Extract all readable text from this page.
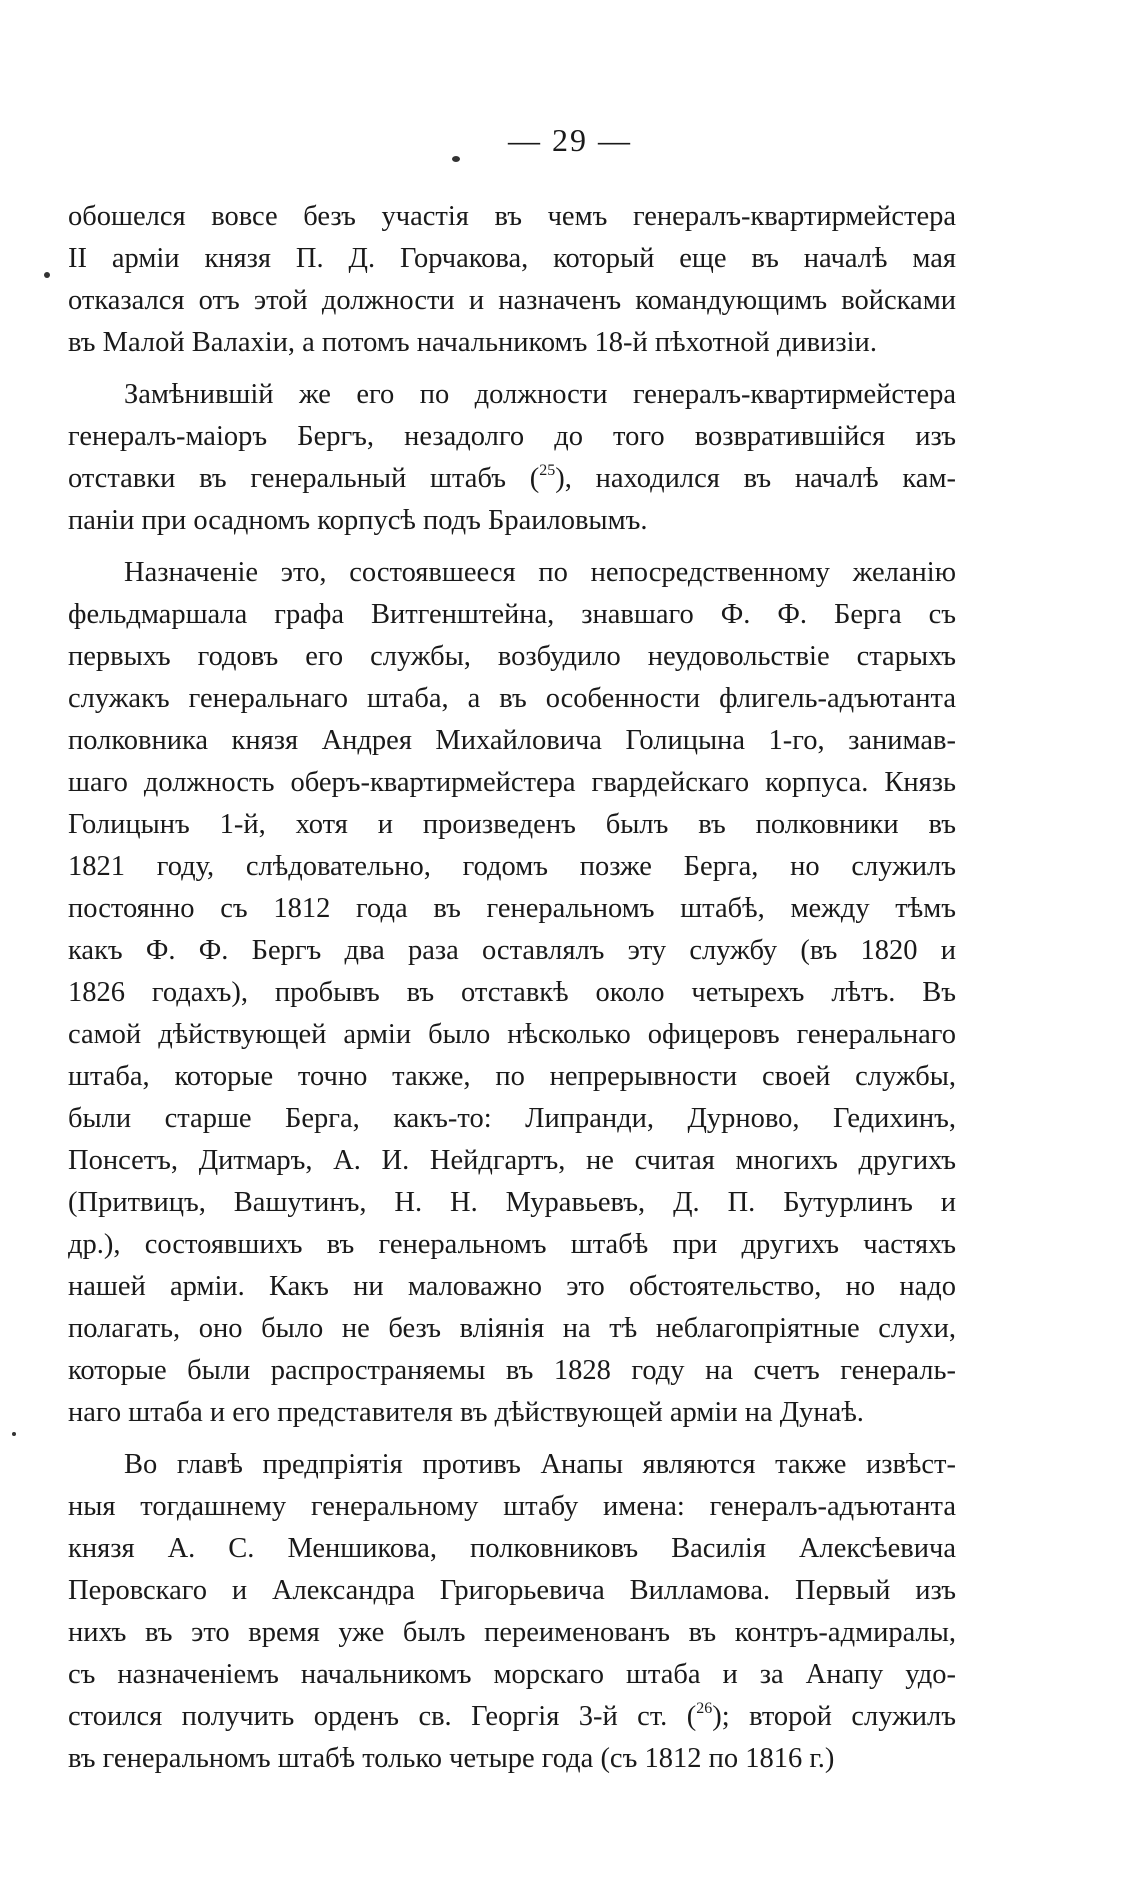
— 29 —
обошелся вовсе безъ участія въ чемъ генералъ-квартирмейстера
II арміи князя П. Д. Горчакова, который еще въ началѣ мая
отказался отъ этой должности и назначенъ командующимъ войсками
въ Малой Валахіи, а потомъ начальникомъ 18-й пѣхотной дивизіи.
Замѣнившій же его по должности генералъ-квартирмейстера
генералъ-маіоръ Бергъ, незадолго до того возвратившійся изъ
отставки въ генеральный штабъ ($^{25}$), находился въ началѣ кам-
паніи при осадномъ корпусѣ подъ Браиловымъ.
Назначеніе это, состоявшееся по непосредственному желанію
фельдмаршала графа Витгенштейна, знавшаго Ф. Ф. Берга съ
первыхъ годовъ его службы, возбудило неудовольствіе старыхъ
служакъ генеральнаго штаба, а въ особенности флигель-адъютанта
полковника князя Андрея Михайловича Голицына 1-го, занимав-
шаго должность оберъ-квартирмейстера гвардейскаго корпуса. Князь
Голицынъ 1-й, хотя и произведенъ былъ въ полковники въ
1821 году, слѣдовательно, годомъ позже Берга, но служилъ
постоянно съ 1812 года въ генеральномъ штабѣ, между тѣмъ
какъ Ф. Ф. Бергъ два раза оставлялъ эту службу (въ 1820 и
1826 годахъ), пробывъ въ отставкѣ около четырехъ лѣтъ. Въ
самой дѣйствующей арміи было нѣсколько офицеровъ генеральнаго
штаба, которые точно также, по непрерывности своей службы,
были старше Берга, какъ-то: Липранди, Дурново, Гедихинъ,
Понсетъ, Дитмаръ, А. И. Нейдгартъ, не считая многихъ другихъ
(Притвицъ, Вашутинъ, Н. Н. Муравьевъ, Д. П. Бутурлинъ и
др.), состоявшихъ въ генеральномъ штабѣ при другихъ частяхъ
нашей арміи. Какъ ни маловажно это обстоятельство, но надо
полагать, оно было не безъ вліянія на тѣ неблагопріятные слухи,
которые были распространяемы въ 1828 году на счетъ генераль-
наго штаба и его представителя въ дѣйствующей арміи на Дунаѣ.
Во главѣ предпріятія противъ Анапы являются также извѣст-
ныя тогдашнему генеральному штабу имена: генералъ-адъютанта
князя А. С. Меншикова, полковниковъ Василія Алексѣевича
Перовскаго и Александра Григорьевича Вилламова. Первый изъ
нихъ въ это время уже былъ переименованъ въ контръ-адмиралы,
съ назначеніемъ начальникомъ морскаго штаба и за Анапу удо-
стоился получить орденъ св. Георгія 3-й ст. ($^{26}$); второй служилъ
въ генеральномъ штабѣ только четыре года (съ 1812 по 1816 г.)
